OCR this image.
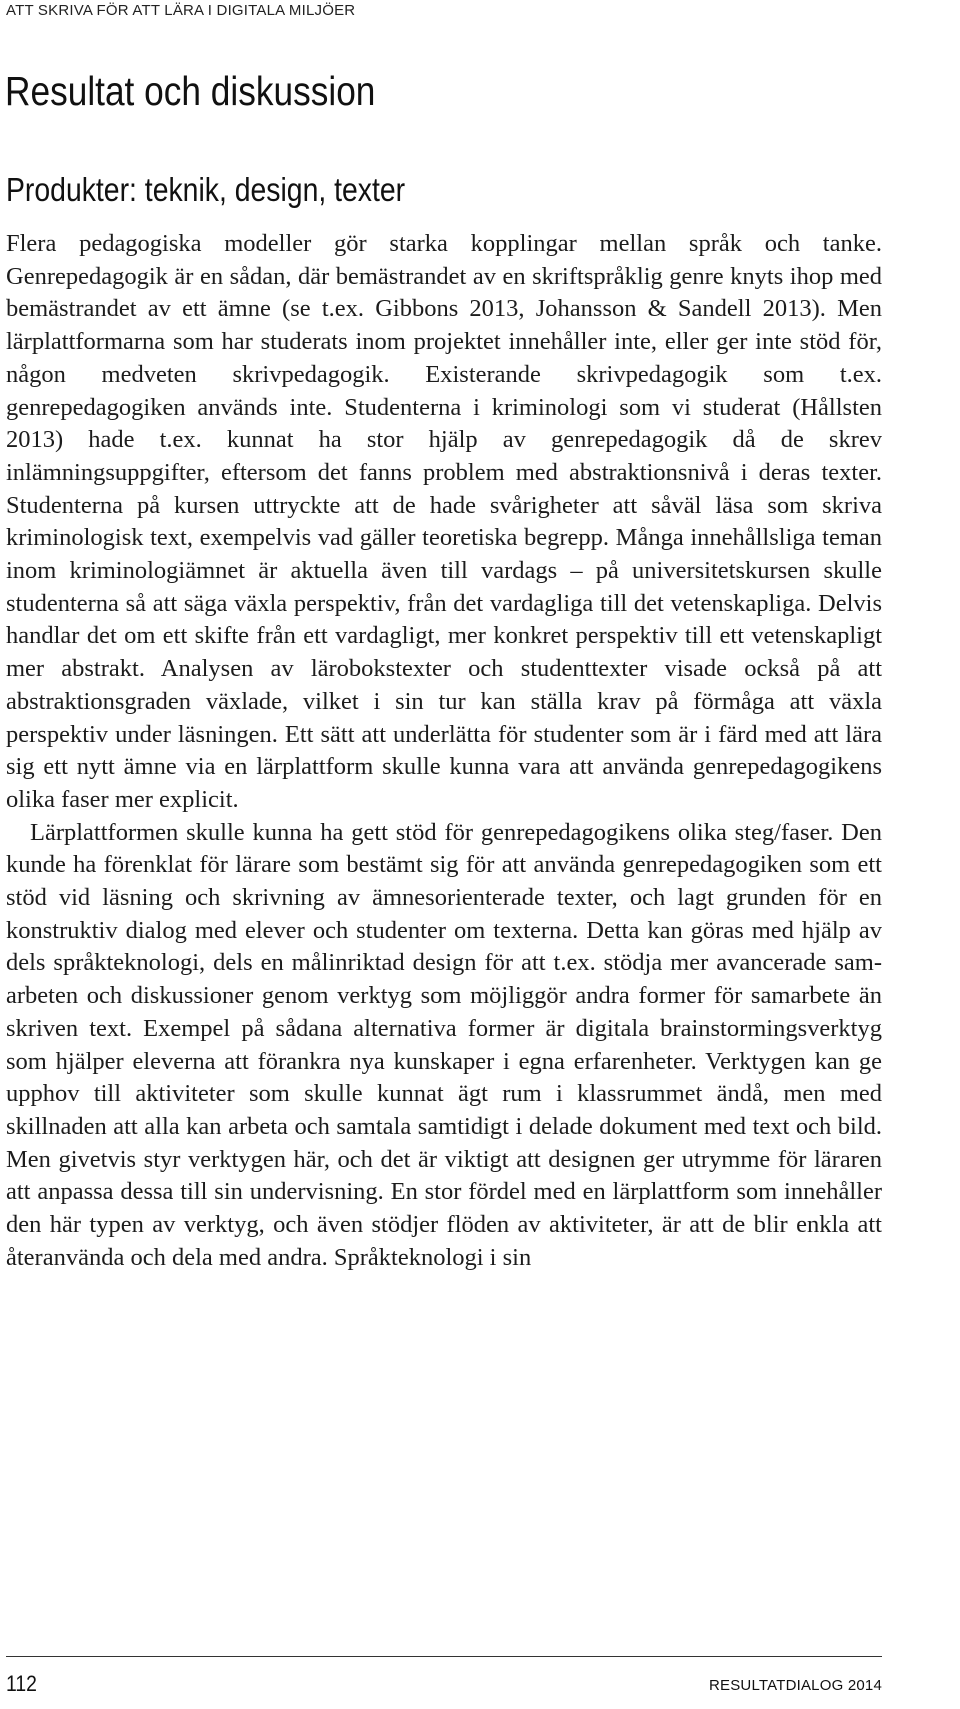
ATT SKRIVA FÖR ATT LÄRA I DIGITALA MILJÖER
Resultat och diskussion
Produkter: teknik, design, texter

Flera pedagogiska modeller gör starka kopplingar mellan språk och tanke. Genrepedagogik är en sådan, där bemästrandet av en skriftspråklig genre knyts ihop med bemästrandet av ett ämne (se t.ex. Gibbons 2013, Johansson & Sandell 2013). Men lärplattformarna som har studerats inom projektet innehåller inte, eller ger inte stöd för, någon medveten skrivpedagogik. Existerande skrivpedagogik som t.ex. genrepedagogiken används inte. Studenterna i kriminologi som vi studerat (Hållsten 2013) hade t.ex. kunnat ha stor hjälp av genrepedagogik då de skrev inlämningsuppgifter, eftersom det fanns problem med abstraktionsnivå i deras texter. Studenterna på kursen uttryckte att de hade svårigheter att såväl läsa som skriva kriminologisk text, exempelvis vad gäller teoretiska begrepp. Många innehållsliga teman inom kriminologiämnet är aktuella även till vardags – på universitetskursen skulle studenterna så att säga växla perspektiv, från det vardagliga till det vetenskapliga. Delvis handlar det om ett skifte från ett vardagligt, mer konkret perspektiv till ett vetenskapligt mer abstrakt. Analysen av lärobokstexter och studenttexter visade också på att abstraktionsgraden växlade, vilket i sin tur kan ställa krav på förmåga att växla perspektiv under läsningen. Ett sätt att underlätta för studenter som är i färd med att lära sig ett nytt ämne via en lärplattform skulle kunna vara att använda genrepedagogikens olika faser mer explicit.

Lärplattformen skulle kunna ha gett stöd för genrepedagogikens olika steg/faser. Den kunde ha förenklat för lärare som bestämt sig för att använda genrepedagogiken som ett stöd vid läsning och skrivning av ämnesorienterade texter, och lagt grunden för en konstruktiv dialog med elever och studenter om texterna. Detta kan göras med hjälp av dels språkteknologi, dels en målinriktad design för att t.ex. stödja mer avancerade samarbeten och diskussioner genom verktyg som möjliggör andra former för samarbete än skriven text. Exempel på sådana alternativa former är digitala brainstormingsverktyg som hjälper eleverna att förankra nya kunskaper i egna erfarenheter. Verktygen kan ge upphov till aktiviteter som skulle kunnat ägt rum i klassrummet ändå, men med skillnaden att alla kan arbeta och samtala samtidigt i delade dokument med text och bild. Men givetvis styr verktygen här, och det är viktigt att designen ger utrymme för läraren att anpassa dessa till sin undervisning. En stor fördel med en lärplattform som innehåller den här typen av verktyg, och även stödjer flöden av aktiviteter, är att de blir enkla att återanvända och dela med andra. Språkteknologi i sin

112	RESULTATDIALOG 2014
